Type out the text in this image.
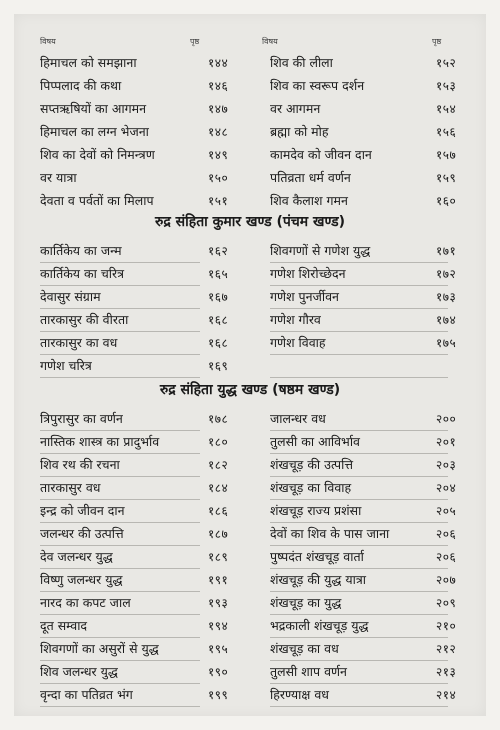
विषय	पृष्ठ	विषय	पृष्ठ
हिमाचल को समझाना	१४४	शिव की लीला	१५२
पिप्पलाद की कथा	१४६	शिव का स्वरूप दर्शन	१५३
सप्तऋषियों का आगमन	१४७	वर आगमन	१५४
हिमाचल का लग्न भेजना	१४८	ब्रह्मा को मोह	१५६
शिव का देवों को निमन्त्रण	१४९	कामदेव को जीवन दान	१५७
वर यात्रा	१५०	पतिव्रता धर्म वर्णन	१५९
देवता व पर्वतों का मिलाप	१५१	शिव कैलाश गमन	१६०
रुद्र संहिता कुमार खण्ड (पंचम खण्ड)
कार्तिकेय का जन्म	१६२	शिवगणों से गणेश युद्ध	१७१
कार्तिकेय का चरित्र	१६५	गणेश शिरोच्छेदन	१७२
देवासुर संग्राम	१६७	गणेश पुनर्जीवन	१७३
तारकासुर की वीरता	१६८	गणेश गौरव	१७४
तारकासुर का वध	१६८	गणेश विवाह	१७५
गणेश चरित्र	१६९
रुद्र संहिता युद्ध खण्ड (षष्ठम खण्ड)
त्रिपुरासुर का वर्णन	१७८	जालन्धर वध	२००
नास्तिक शास्त्र का प्रादुर्भाव	१८०	तुलसी का आविर्भाव	२०१
शिव रथ की रचना	१८२	शंखचूड़ की उत्पत्ति	२०३
तारकासुर वध	१८४	शंखचूड़ का विवाह	२०४
इन्द्र को जीवन दान	१८६	शंखचूड़ राज्य प्रशंसा	२०५
जलन्धर की उत्पत्ति	१८७	देवों का शिव के पास जाना	२०६
देव जलन्धर युद्ध	१८९	पुष्पदंत शंखचूड़ वार्ता	२०६
विष्णु जलन्धर युद्ध	१९१	शंखचूड़ की युद्ध यात्रा	२०७
नारद का कपट जाल	१९३	शंखचूड़ का युद्ध	२०९
दूत सम्वाद	१९४	भद्रकाली शंखचूड़ युद्ध	२१०
शिवगणों का असुरों से युद्ध	१९५	शंखचूड़ का वध	२१२
शिव जलन्धर युद्ध	१९०	तुलसी शाप वर्णन	२१३
वृन्दा का पतिव्रत भंग	१९९	हिरण्याक्ष वध	२१४
